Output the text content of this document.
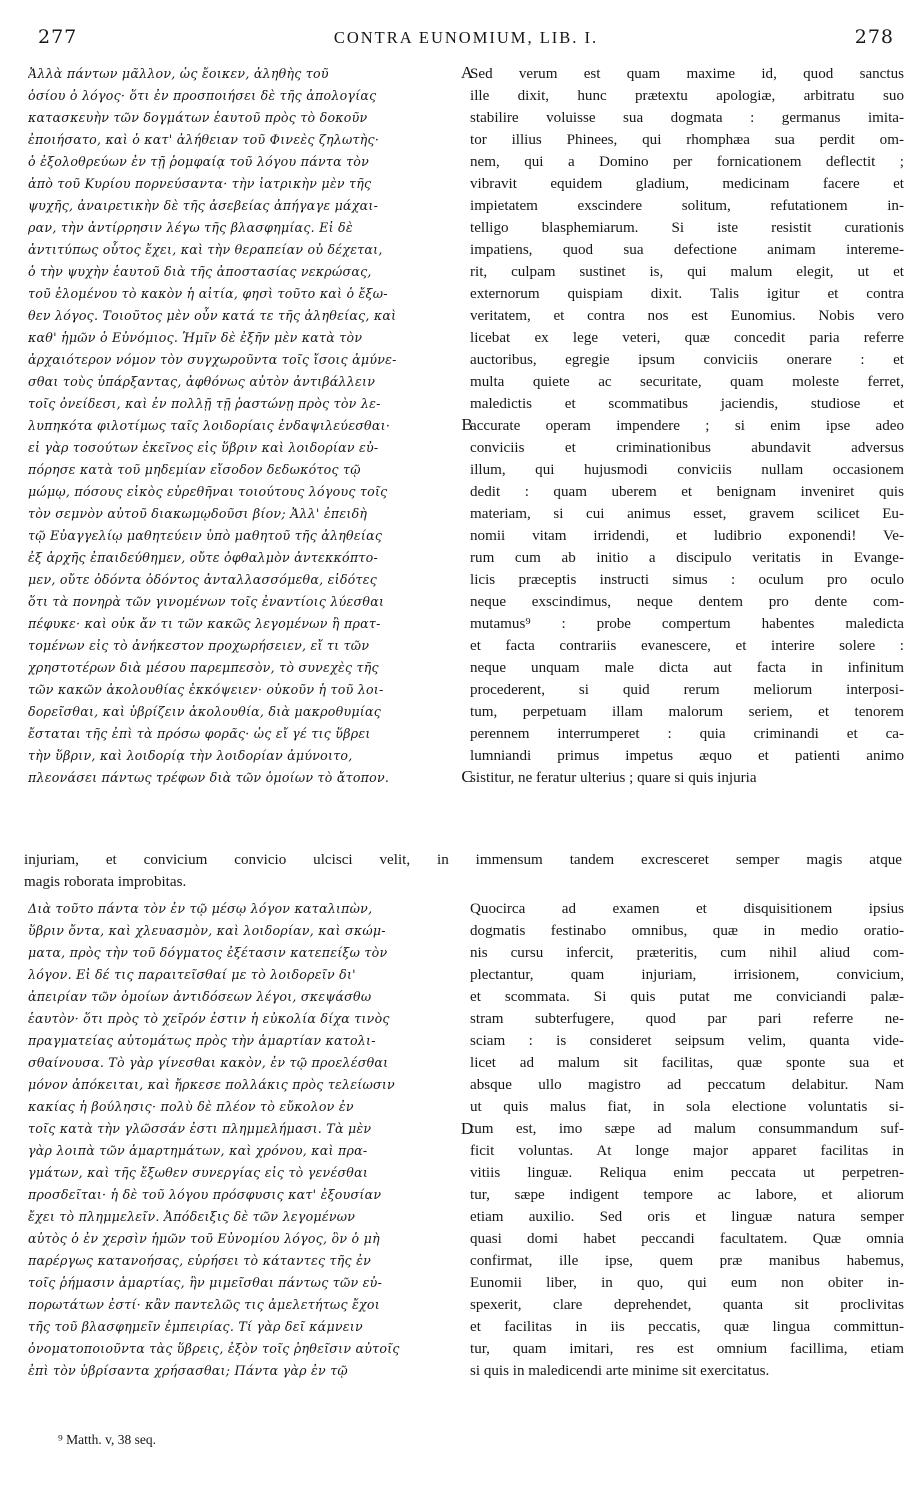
277	CONTRA EUNOMIUM, LIB. I.	278
Ἀλλὰ πάντων μᾶλλον, ὡς ἔοικεν, ἀληθὴς τοῦ
ὁσίου ὁ λόγος· ὅτι ἐν προσποιήσει δὲ τῆς ἀπολογίας
κατασκευὴν τῶν δογμάτων ἑαυτοῦ πρὸς τὸ δοκοῦν
ἐποιήσατο, καὶ ὁ κατ' ἀλήθειαν τοῦ Φινεὲς ζηλωτὴς·
ὁ ἐξολοθρεύων ἐν τῇ ῥομφαίᾳ τοῦ λόγου πάντα τὸν
ἀπὸ τοῦ Κυρίου πορνεύσαντα· τὴν ἰατρικὴν μὲν τῆς
ψυχῆς, ἀναιρετικὴν δὲ τῆς ἀσεβείας ἀπήγαγε μάχαι-
ραν, τὴν ἀντίρρησιν λέγω τῆς βλασφημίας. Εἰ δὲ
ἀντιτύπως οὗτος ἔχει, καὶ τὴν θεραπείαν οὐ δέχεται,
ὁ τὴν ψυχὴν ἑαυτοῦ διὰ τῆς ἀποστασίας νεκρώσας,
τοῦ ἑλομένου τὸ κακὸν ἡ αἰτία, φησὶ τοῦτο καὶ ὁ ἔξω-
θεν λόγος. Τοιοῦτος μὲν οὖν κατά τε τῆς ἀληθείας, καὶ
καθ' ἡμῶν ὁ Εὐνόμιος. Ἡμῖν δὲ ἐξῆν μὲν κατὰ τὸν
ἀρχαιότερον νόμον τὸν συγχωροῦντα τοῖς ἴσοις ἀμύνε-
σθαι τοὺς ὑπάρξαντας, ἀφθόνως αὐτὸν ἀντιβάλλειν
τοῖς ὀνείδεσι, καὶ ἐν πολλῇ τῇ ῥαστώνῃ πρὸς τὸν λε-
λυπηκότα φιλοτίμως ταῖς λοιδορίαις ἐνδαψιλεύεσθαι·
εἰ γὰρ τοσούτων ἐκεῖνος εἰς ὕβριν καὶ λοιδορίαν εὐ-
πόρησε κατὰ τοῦ μηδεμίαν εἴσοδον δεδωκότος τῷ
μώμῳ, πόσους εἰκὸς εὑρεθῆναι τοιούτους λόγους τοῖς
τὸν σεμνὸν αὐτοῦ διακωμῳδοῦσι βίον; Ἀλλ' ἐπειδὴ
τῷ Εὐαγγελίῳ μαθητεύειν ὑπὸ μαθητοῦ τῆς ἀληθείας
ἐξ ἀρχῆς ἐπαιδεύθημεν, οὔτε ὀφθαλμὸν ἀντεκκόπτο-
μεν, οὔτε ὀδόντα ὀδόντος ἀνταλλασσόμεθα, εἰδότες
ὅτι τὰ πονηρὰ τῶν γινομένων τοῖς ἐναντίοις λύεσθαι
πέφυκε· καὶ οὐκ ἄν τι τῶν κακῶς λεγομένων ἢ πρατ-
τομένων εἰς τὸ ἀνήκεστον προχωρήσειεν, εἴ τι τῶν
χρηστοτέρων διὰ μέσου παρεμπεσὸν, τὸ συνεχὲς τῆς
τῶν κακῶν ἀκολουθίας ἐκκόψειεν· οὐκοῦν ἡ τοῦ λοι-
δορεῖσθαι, καὶ ὑβρίζειν ἀκολουθία, διὰ μακροθυμίας
ἔσταται τῆς ἐπὶ τὰ πρόσω φορᾶς· ὡς εἴ γέ τις ὕβρει
τὴν ὕβριν, καὶ λοιδορίᾳ τὴν λοιδορίαν ἀμύνοιτο,
πλεονάσει πάντως τρέφων διὰ τῶν ὁμοίων τὸ ἄτοπον.
Sed verum est quam maxime id, quod sanctus
ille dixit, hunc prætextu apologiæ, arbitratu suo
stabilire voluisse sua dogmata : germanus imita-
tor illius Phinees, qui rhomphæa sua perdit om-
nem, qui a Domino per fornicationem deflectit ;
vibravit equidem gladium, medicinam facere et
impietatem exscindere solitum, refutationem in-
telligo blasphemiarum. Si iste resistit curationis
impatiens, quod sua defectione animam intereme-
rit, culpam sustinet is, qui malum elegit, ut et
externorum quispiam dixit. Talis igitur et contra
veritatem, et contra nos est Eunomius. Nobis vero
licebat ex lege veteri, quæ concedit paria referre
auctoribus, egregie ipsum conviciis onerare : et
multa quiete ac securitate, quam moleste ferret,
maledictis et scommatibus jaciendis, studiose et
accurate operam impendere ; si enim ipse adeo
conviciis et criminationibus abundavit adversus
illum, qui hujusmodi conviciis nullam occasionem
dedit : quam uberem et benignam inveniret quis
materiam, si cui animus esset, gravem scilicet Eu-
nomii vitam irridendi, et ludibrio exponendi! Ve-
rum cum ab initio a discipulo veritatis in Evange-
licis præceptis instructi simus : oculum pro oculo
neque exscindimus, neque dentem pro dente com-
mutamus⁹ : probe compertum habentes maledicta
et facta contrariis evanescere, et interire solere :
neque unquam male dicta aut facta in infinitum
procederent, si quid rerum meliorum interposi-
tum, perpetuam illam malorum seriem, et tenorem
perennem interrumperet : quia criminandi et ca-
lumniandi primus impetus æquo et patienti animo
sistitur, ne feratur ulterius ; quare si quis injuria
A
B
C
D
injuriam, et convicium convicio ulcisci velit, in immensum tandem excresceret semper magis atque
magis roborata improbitas.
Διὰ τοῦτο πάντα τὸν ἐν τῷ μέσῳ λόγον καταλιπὼν,
ὕβριν ὄντα, καὶ χλευασμὸν, καὶ λοιδορίαν, καὶ σκώμ-
ματα, πρὸς τὴν τοῦ δόγματος ἐξέτασιν κατεπείξω τὸν
λόγον. Εἰ δέ τις παραιτεῖσθαί με τὸ λοιδορεῖν δι'
ἀπειρίαν τῶν ὁμοίων ἀντιδόσεων λέγοι, σκεψάσθω
ἑαυτὸν· ὅτι πρὸς τὸ χεῖρόν ἐστιν ἡ εὐκολία δίχα τινὸς
πραγματείας αὐτομάτως πρὸς τὴν ἁμαρτίαν κατολι-
σθαίνουσα. Τὸ γὰρ γίνεσθαι κακὸν, ἐν τῷ προελέσθαι
μόνον ἀπόκειται, καὶ ἤρκεσε πολλάκις πρὸς τελείωσιν
κακίας ἡ βούλησις· πολὺ δὲ πλέον τὸ εὔκολον ἐν
τοῖς κατὰ τὴν γλῶσσάν ἐστι πλημμελήμασι. Τὰ μὲν
γὰρ λοιπὰ τῶν ἁμαρτημάτων, καὶ χρόνου, καὶ πρα-
γμάτων, καὶ τῆς ἔξωθεν συνεργίας εἰς τὸ γενέσθαι
προσδεῖται· ἡ δὲ τοῦ λόγου πρόσφυσις κατ' ἐξουσίαν
ἔχει τὸ πλημμελεῖν. Ἀπόδειξις δὲ τῶν λεγομένων
αὐτὸς ὁ ἐν χερσὶν ἡμῶν τοῦ Εὐνομίου λόγος, ὃν ὁ μὴ
παρέργως κατανοήσας, εὑρήσει τὸ κάταντες τῆς ἐν
τοῖς ῥήμασιν ἁμαρτίας, ἣν μιμεῖσθαι πάντως τῶν εὐ-
πορωτάτων ἐστί· κἂν παντελῶς τις ἀμελετήτως ἔχοι
τῆς τοῦ βλασφημεῖν ἐμπειρίας. Τί γὰρ δεῖ κάμνειν
ὀνοματοποιοῦντα τὰς ὕβρεις, ἐξὸν τοῖς ῥηθεῖσιν αὐτοῖς
ἐπὶ τὸν ὑβρίσαντα χρήσασθαι; Πάντα γὰρ ἐν τῷ
Quocirca ad examen et disquisitionem ipsius
dogmatis festinabo omnibus, quæ in medio oratio-
nis cursu infercit, præteritis, cum nihil aliud com-
plectantur, quam injuriam, irrisionem, convicium,
et scommata. Si quis putat me conviciandi palæ-
stram subterfugere, quod par pari referre ne-
sciam : is consideret seipsum velim, quanta vide-
licet ad malum sit facilitas, quæ sponte sua et
absque ullo magistro ad peccatum delabitur. Nam
ut quis malus fiat, in sola electione voluntatis si-
tum est, imo sæpe ad malum consummandum suf-
ficit voluntas. At longe major apparet facilitas in
vitiis linguæ. Reliqua enim peccata ut perpetren-
tur, sæpe indigent tempore ac labore, et aliorum
etiam auxilio. Sed oris et linguæ natura semper
quasi domi habet peccandi facultatem. Quæ omnia
confirmat, ille ipse, quem præ manibus habemus,
Eunomii liber, in quo, qui eum non obiter in-
spexerit, clare deprehendet, quanta sit proclivitas
et facilitas in iis peccatis, quæ lingua committun-
tur, quam imitari, res est omnium facillima, etiam
si quis in maledicendi arte minime sit exercitatus.
⁹ Matth. v, 38 seq.
